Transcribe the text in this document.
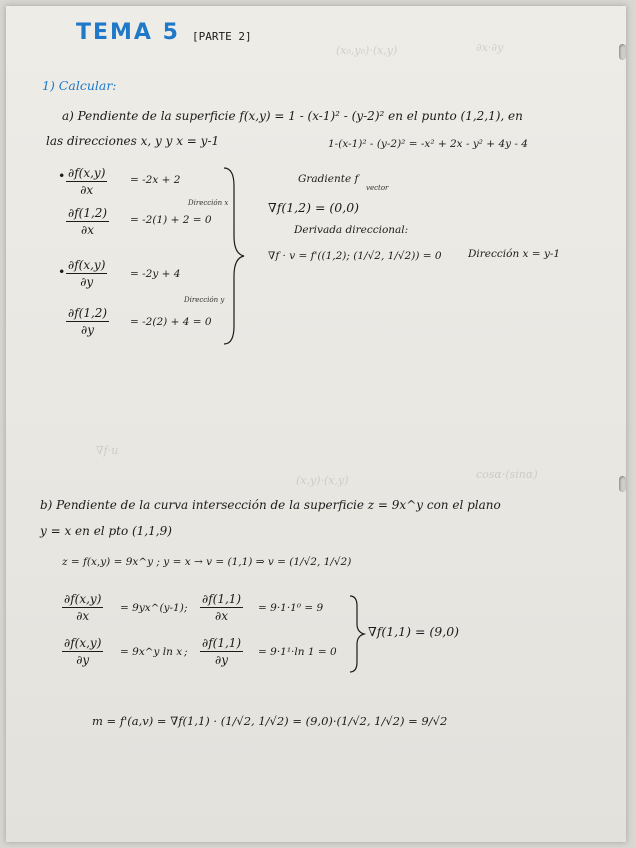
(x₀,y₀)·(x,y)	∂x·∂y
(x,y)·(x,y)	cosα·(sinα)
∇f·u
TEMA 5 [PARTE 2]
1) Calcular:
a) Pendiente de la superficie f(x,y) = 1 - (x-1)² - (y-2)² en el punto (1,2,1), en
las direcciones x, y y x = y-1	1-(x-1)² - (y-2)² = -x² + 2x - y² + 4y - 4
• $\frac{\partial f(x,y)}{\partial x} = -2x + 2$
$\frac{\partial f(1,2)}{\partial x} = -2(1) + 2 = 0$
Dirección x
• $\frac{\partial f(x,y)}{\partial y} = -2y + 4$
$\frac{\partial f(1,2)}{\partial y} = -2(2) + 4 = 0$
Dirección y
Gradiente f
vector
∇f(1,2) = (0,0)
Derivada direccional:
∇f · v = f'((1,2); (1/√2, 1/√2)) = 0	Dirección x = y-1
b) Pendiente de la curva intersección de la superficie z = 9x^y con el plano
y = x en el pto (1,1,9)
z = f(x,y) = 9x^y ; y = x → v = (1,1) ⇒ v = (1/√2, 1/√2)
$\frac{\partial f(x,y)}{\partial x}$ = 9yx^(y-1) ; $\frac{\partial f(1,1)}{\partial x} = 9\cdot 1\cdot 1^0 = 9$
$\frac{\partial f(x,y)}{\partial y}$ = 9x^y ln x ; $\frac{\partial f(1,1)}{\partial y} = 9\cdot 1^1\cdot\ln$ 1 = 0
∇f(1,1) = (9,0)
m = f'(a,v) = ∇f(1,1) · (1/√2, 1/√2) = (9,0)·(1/√2, 1/√2) = 9/√2
